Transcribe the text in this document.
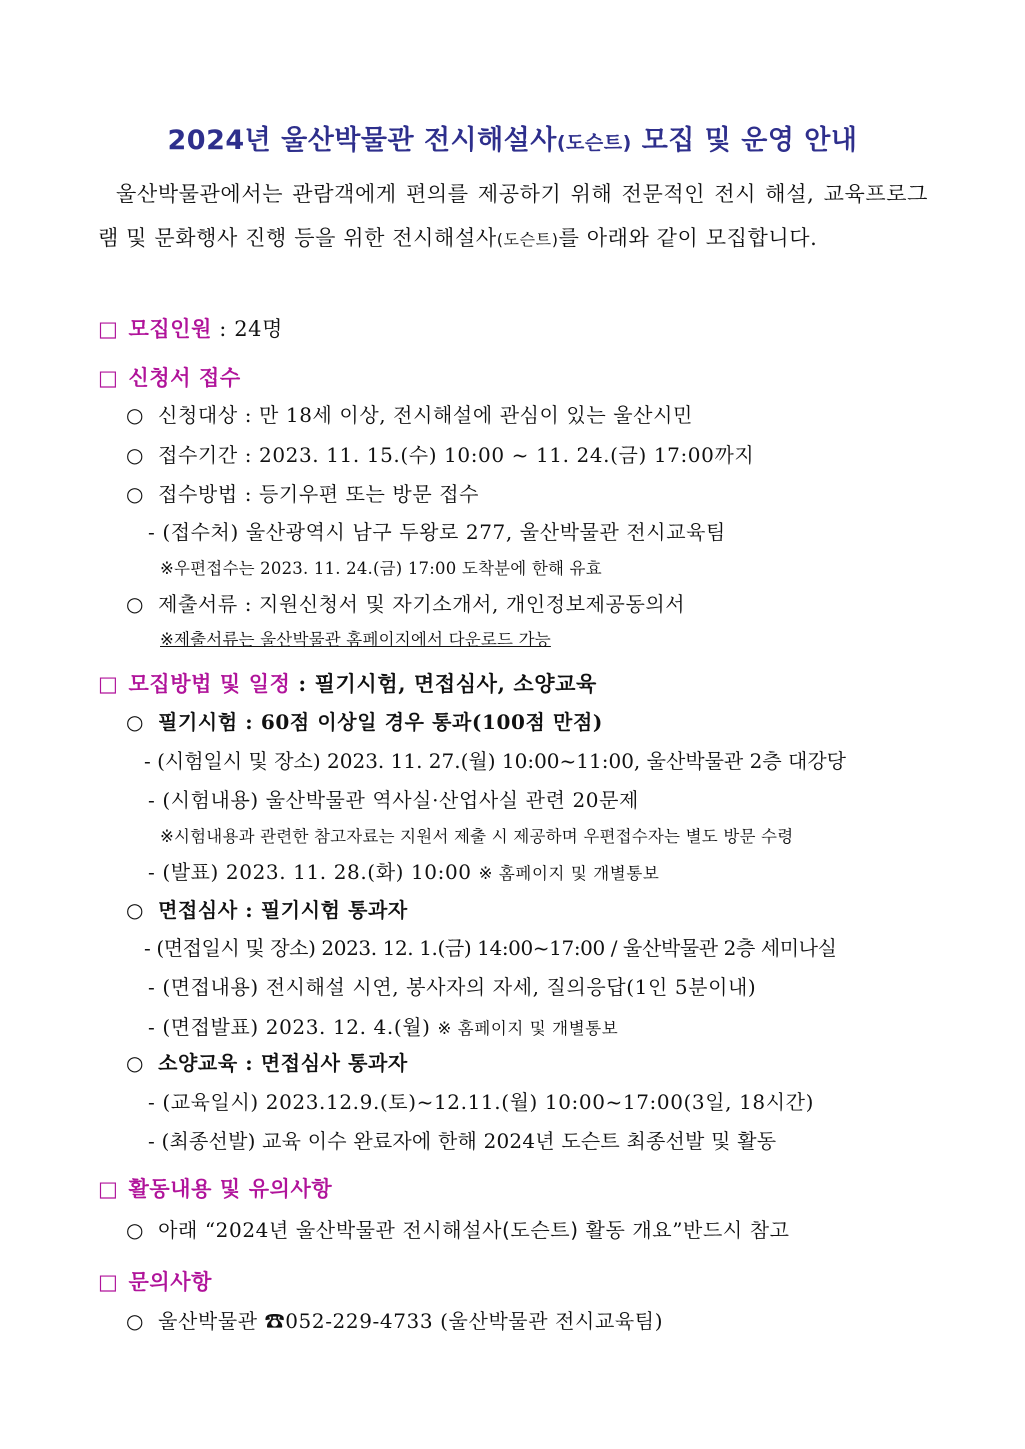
2024년 울산박물관 전시해설사(도슨트) 모집 및 운영 안내
울산박물관에서는 관람객에게 편의를 제공하기 위해 전문적인 전시 해설, 교육프로그램 및 문화행사 진행 등을 위한 전시해설사(도슨트)를 아래와 같이 모집합니다.
□ 모집인원 : 24명
□ 신청서 접수
○ 신청대상 : 만 18세 이상, 전시해설에 관심이 있는 울산시민
○ 접수기간 : 2023. 11. 15.(수) 10:00 ~ 11. 24.(금) 17:00까지
○ 접수방법 : 등기우편 또는 방문 접수
- (접수처) 울산광역시 남구 두왕로 277, 울산박물관 전시교육팀
※우편접수는 2023. 11. 24.(금) 17:00 도착분에 한해 유효
○ 제출서류 : 지원신청서 및 자기소개서, 개인정보제공동의서
※제출서류는 울산박물관 홈페이지에서 다운로드 가능
□ 모집방법 및 일정 : 필기시험, 면접심사, 소양교육
○ 필기시험 : 60점 이상일 경우 통과(100점 만점)
- (시험일시 및 장소) 2023. 11. 27.(월) 10:00~11:00, 울산박물관 2층 대강당
- (시험내용) 울산박물관 역사실·산업사실 관련 20문제
※시험내용과 관련한 참고자료는 지원서 제출 시 제공하며 우편접수자는 별도 방문 수령
- (발표) 2023. 11. 28.(화) 10:00 ※ 홈페이지 및 개별통보
○ 면접심사 : 필기시험 통과자
- (면접일시 및 장소) 2023. 12. 1.(금) 14:00~17:00 / 울산박물관 2층 세미나실
- (면접내용) 전시해설 시연, 봉사자의 자세, 질의응답(1인 5분이내)
- (면접발표) 2023. 12. 4.(월) ※ 홈페이지 및 개별통보
○ 소양교육 : 면접심사 통과자
- (교육일시) 2023.12.9.(토)~12.11.(월) 10:00~17:00(3일, 18시간)
- (최종선발) 교육 이수 완료자에 한해 2024년 도슨트 최종선발 및 활동
□ 활동내용 및 유의사항
○ 아래 “2024년 울산박물관 전시해설사(도슨트) 활동 개요”반드시 참고
□ 문의사항
○ 울산박물관 ☎052-229-4733 (울산박물관 전시교육팀)
